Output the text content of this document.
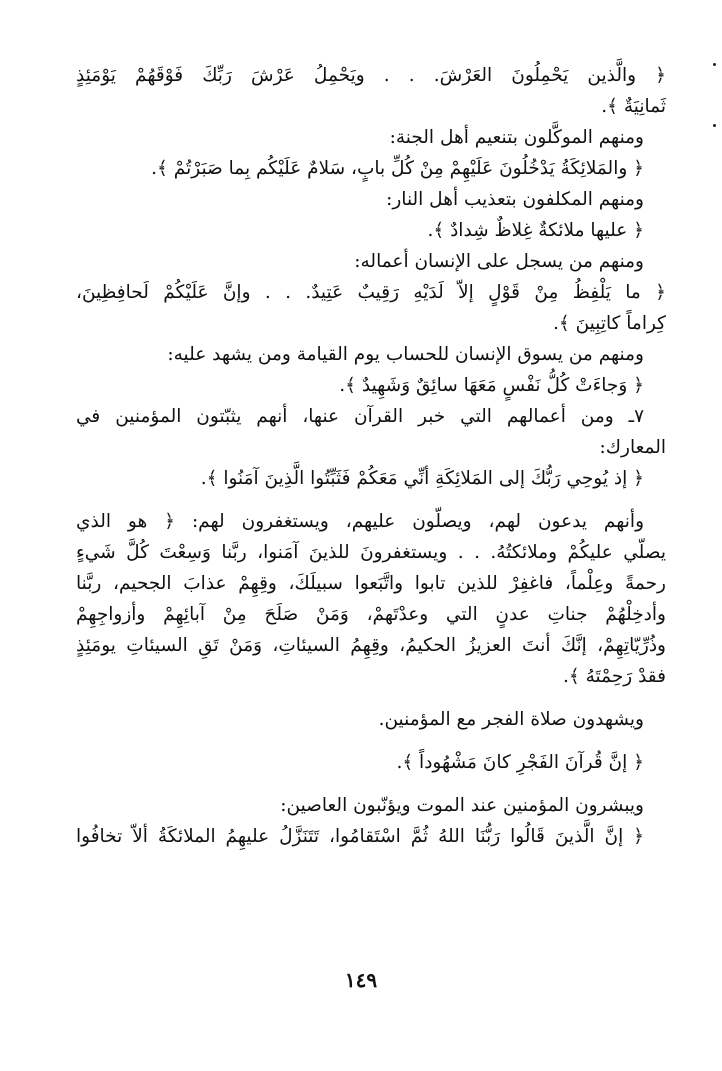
﴿ والَّذين يَحْمِلُونَ العَرْشَ. . . ويَحْمِلُ عَرْشَ رَبِّكَ فَوْقَهُمْ يَوْمَئِذٍ
ثَمانِيَةٌ ﴾.
ومنهم الموكَّلون بتنعيم أهل الجنة:
﴿ والمَلائِكَةُ يَدْخُلُونَ عَلَيْهِمْ مِنْ كُلِّ بابٍ، سَلامٌ عَلَيْكُم بِما صَبَرْتُمْ ﴾.
ومنهم المكلفون بتعذيب أهل النار:
﴿ عليها ملائكةٌ غِلاظٌ شِدادٌ ﴾.
ومنهم من يسجل على الإنسان أعماله:
﴿ ما يَلْفِظُ مِنْ قَوْلٍ إلاّ لَدَيْهِ رَقِيبٌ عَتِيدٌ. . . وإنَّ عَلَيْكُمْ لَحافِظِينَ،
كِراماً كاتِبِينَ ﴾.
ومنهم من يسوق الإنسان للحساب يوم القيامة ومن يشهد عليه:
﴿ وَجاءَتْ كُلُّ نَفْسٍ مَعَهَا سائِقٌ وَشَهِيدٌ ﴾.
٧ـ ومن أعمالهم التي خبر القرآن عنها، أنهم يثبّتون المؤمنين في
المعارك:
﴿ إذ يُوحِي رَبُّكَ إلى المَلائِكَةِ أنِّي مَعَكُمْ فَثَبِّتُوا الَّذِينَ آمَنُوا ﴾.
وأنهم يدعون لهم، ويصلّون عليهم، ويستغفرون لهم: ﴿ هو الذي
يصلّي عليكُمْ وملائكتُهُ. . . ويستغفرونَ للذينَ آمَنوا، ربَّنا وَسِعْتَ كُلَّ شَيءٍ
رحمةً وعِلْماً، فاغفِرْ للذين تابوا واتَّبَعوا سبيلَكَ، وقِهِمْ عذابَ الجحيم، ربَّنا
وأدخِلْهُمْ جناتِ عدنٍ التي وعدْتَهمْ، وَمَنْ صَلَحَ مِنْ آبائِهِمْ وأزواجِهِمْ
وذُرِّيّاتِهِمْ، إنَّكَ أنتَ العزيزُ الحكيمُ، وقِهِمُ السيئاتِ، وَمَنْ تَقِ السيئاتِ يومَئِذٍ
فقدْ رَحِمْتَهُ ﴾.
ويشهدون صلاة الفجر مع المؤمنين.
﴿ إنَّ قُرآنَ الفَجْرِ كانَ مَشْهُوداً ﴾.
ويبشرون المؤمنين عند الموت ويؤنّبون العاصين:
﴿ إنَّ الَّذينَ قَالُوا رَبُّنَا اللهُ ثُمَّ اسْتَقامُوا، تَتَنَزَّلُ عليهِمُ الملائكَةُ ألاّ تخافُوا
١٤٩
